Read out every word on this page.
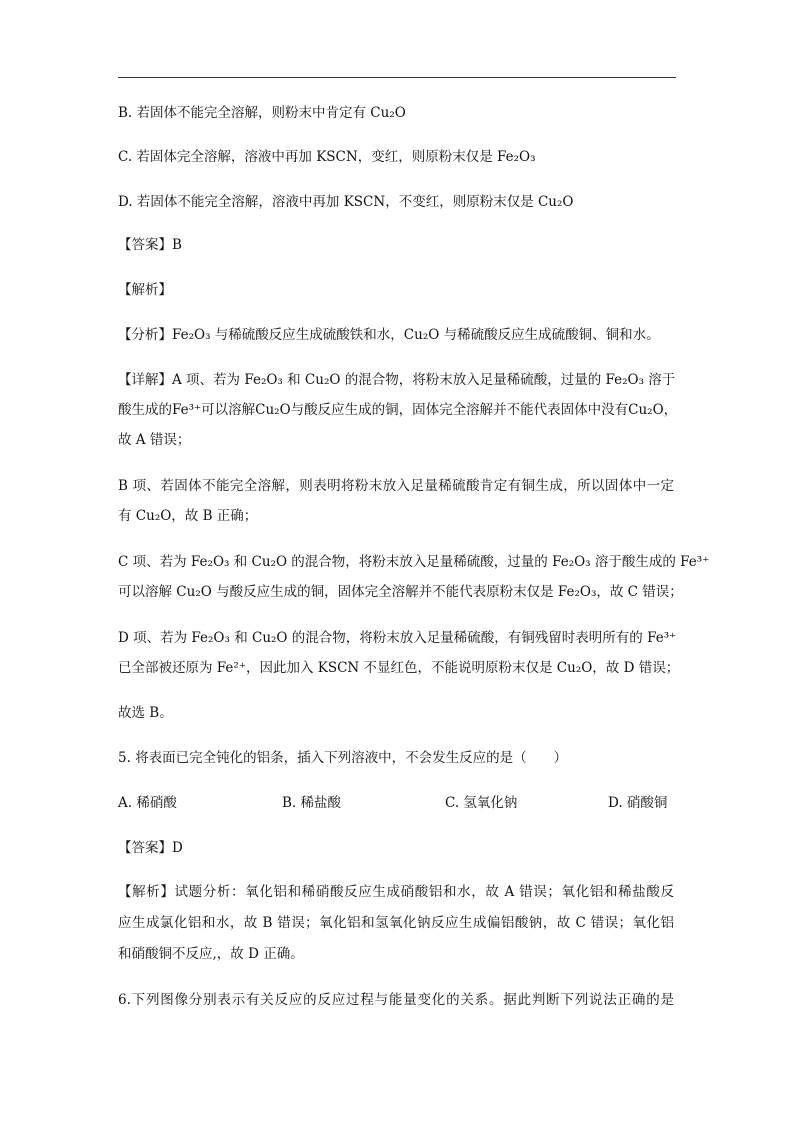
B. 若固体不能完全溶解，则粉末中肯定有 Cu₂O
C. 若固体完全溶解，溶液中再加 KSCN，变红，则原粉末仅是 Fe₂O₃
D. 若固体不能完全溶解，溶液中再加 KSCN，不变红，则原粉末仅是 Cu₂O
【答案】B
【解析】
【分析】Fe₂O₃ 与稀硫酸反应生成硫酸铁和水，Cu₂O 与稀硫酸反应生成硫酸铜、铜和水。
【详解】A 项、若为 Fe₂O₃ 和 Cu₂O 的混合物，将粉末放入足量稀硫酸，过量的 Fe₂O₃ 溶于
酸生成的Fe³⁺可以溶解Cu₂O与酸反应生成的铜，固体完全溶解并不能代表固体中没有Cu₂O，
故 A 错误；
B 项、若固体不能完全溶解，则表明将粉末放入足量稀硫酸肯定有铜生成，所以固体中一定
有 Cu₂O，故 B 正确；
C 项、若为 Fe₂O₃ 和 Cu₂O 的混合物，将粉末放入足量稀硫酸，过量的 Fe₂O₃ 溶于酸生成的 Fe³⁺
可以溶解 Cu₂O 与酸反应生成的铜，固体完全溶解并不能代表原粉末仅是 Fe₂O₃，故 C 错误；
D 项、若为 Fe₂O₃ 和 Cu₂O 的混合物，将粉末放入足量稀硫酸，有铜残留时表明所有的 Fe³⁺
已全部被还原为 Fe²⁺，因此加入 KSCN 不显红色，不能说明原粉末仅是 Cu₂O，故 D 错误；
故选 B。
5. 将表面已完全钝化的铝条，插入下列溶液中，不会发生反应的是（　　）
A. 稀硝酸	B. 稀盐酸	C. 氢氧化钠	D. 硝酸铜
【答案】D
【解析】试题分析：氧化铝和稀硝酸反应生成硝酸铝和水，故 A 错误；氧化铝和稀盐酸反
应生成氯化铝和水，故 B 错误；氧化铝和氢氧化钠反应生成偏铝酸钠，故 C 错误；氧化铝
和硝酸铜不反应,，故 D 正确。
6.下列图像分别表示有关反应的反应过程与能量变化的关系。据此判断下列说法正确的是
